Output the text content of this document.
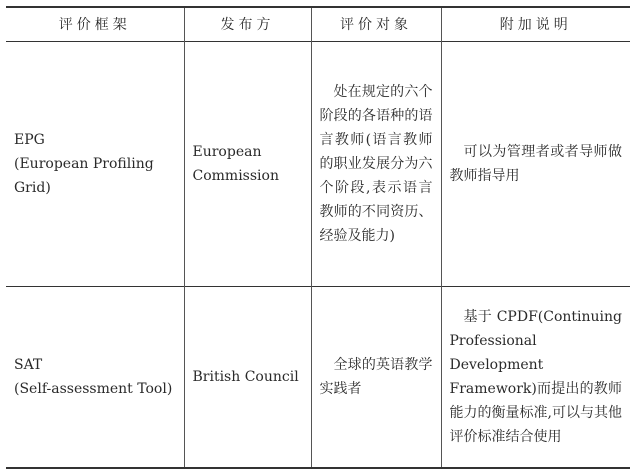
评价框架	发布方	评价对象	附加说明

EPG
(European Profiling Grid)	European Commission	处在规定的六个阶段的各语种的语言教师(语言教师的职业发展分为六个阶段,表示语言教师的不同资历、经验及能力)	可以为管理者或者导师做教师指导用

SAT
(Self-assessment Tool)	British Council	全球的英语教学实践者	基于 CPDF(Continuing Professional Development Framework)而提出的教师能力的衡量标准,可以与其他评价标准结合使用
